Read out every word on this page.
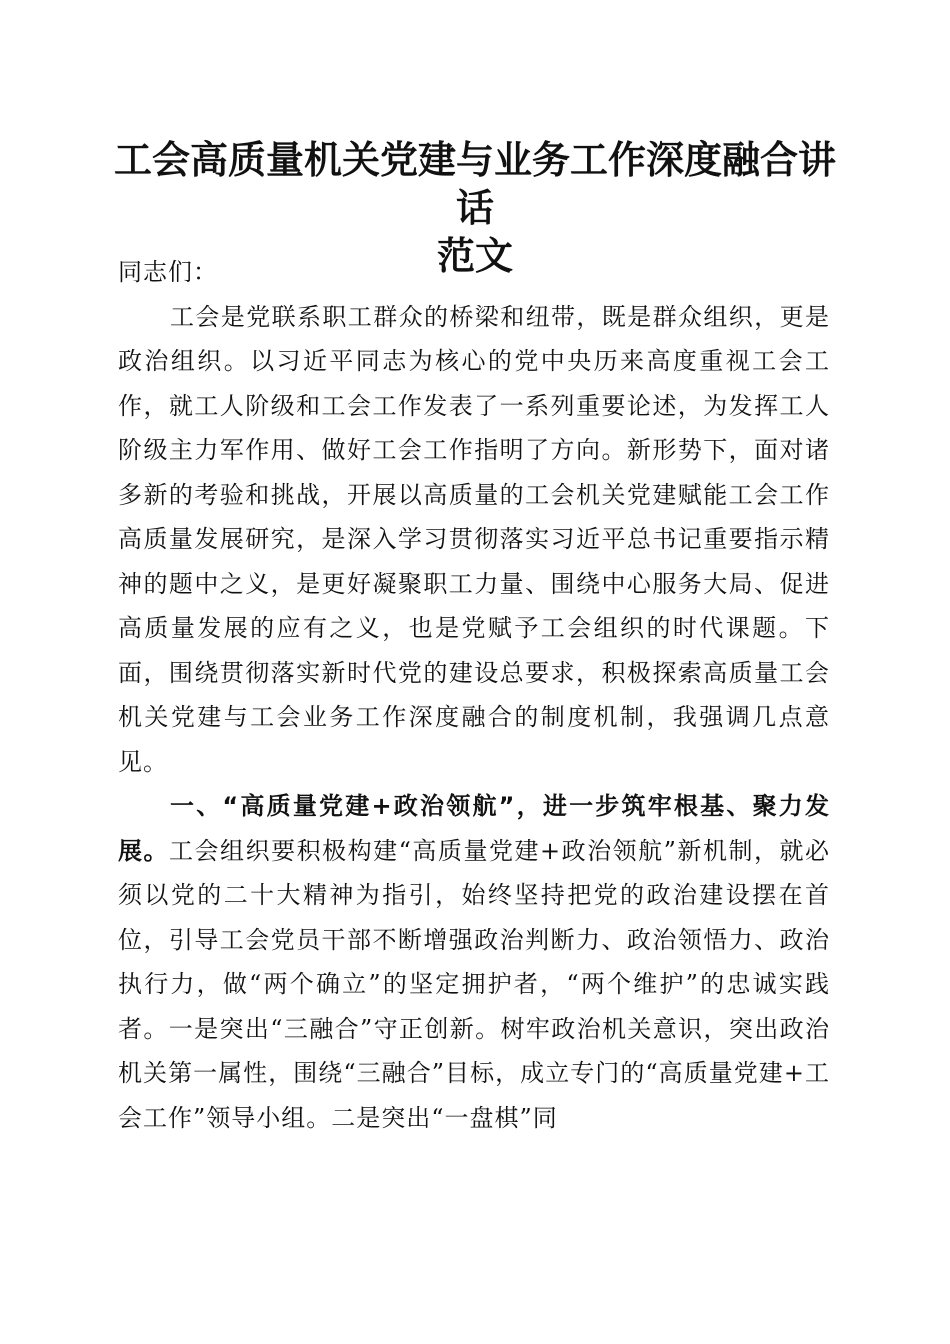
工会高质量机关党建与业务工作深度融合讲话
范文

同志们：

工会是党联系职工群众的桥梁和纽带，既是群众组织，更是政治组织。以习近平同志为核心的党中央历来高度重视工会工作，就工人阶级和工会工作发表了一系列重要论述，为发挥工人阶级主力军作用、做好工会工作指明了方向。新形势下，面对诸多新的考验和挑战，开展以高质量的工会机关党建赋能工会工作高质量发展研究，是深入学习贯彻落实习近平总书记重要指示精神的题中之义，是更好凝聚职工力量、围绕中心服务大局、促进高质量发展的应有之义，也是党赋予工会组织的时代课题。下面，围绕贯彻落实新时代党的建设总要求，积极探索高质量工会机关党建与工会业务工作深度融合的制度机制，我强调几点意见。

一、“高质量党建+政治领航”，进一步筑牢根基、聚力发展。工会组织要积极构建“高质量党建+政治领航”新机制，就必须以党的二十大精神为指引，始终坚持把党的政治建设摆在首位，引导工会党员干部不断增强政治判断力、政治领悟力、政治执行力，做“两个确立”的坚定拥护者，“两个维护”的忠诚实践者。一是突出“三融合”守正创新。树牢政治机关意识，突出政治机关第一属性，围绕“三融合”目标，成立专门的“高质量党建+工会工作”领导小组。二是突出“一盘棋”同
